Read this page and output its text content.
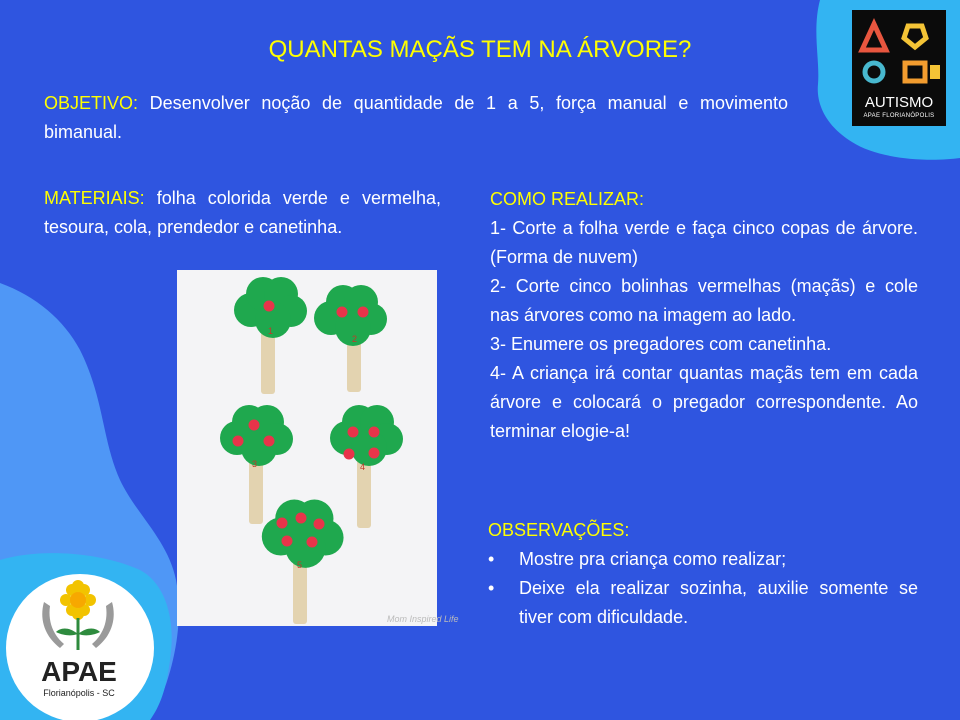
QUANTAS MAÇÃS TEM NA ÁRVORE?
OBJETIVO: Desenvolver noção de quantidade de 1 a 5, força manual e movimento bimanual.
MATERIAIS: folha colorida verde e vermelha, tesoura, cola, prendedor e canetinha.
COMO REALIZAR:
1- Corte a folha verde e faça cinco copas de árvore. (Forma de nuvem)
2- Corte cinco bolinhas vermelhas (maçãs) e cole nas árvores como na imagem ao lado.
3- Enumere os pregadores com canetinha.
4- A criança irá contar quantas maçãs tem em cada árvore e colocará o pregador correspondente. Ao terminar elogie-a!
OBSERVAÇÕES:
• Mostre pra criança como realizar;
• Deixe ela realizar sozinha, auxilie somente se tiver com dificuldade.
1
2
3	4
5
Mom Inspired Life
AUTISMO
APAE FLORIANÓPOLIS
APAE
Florianópolis - SC
